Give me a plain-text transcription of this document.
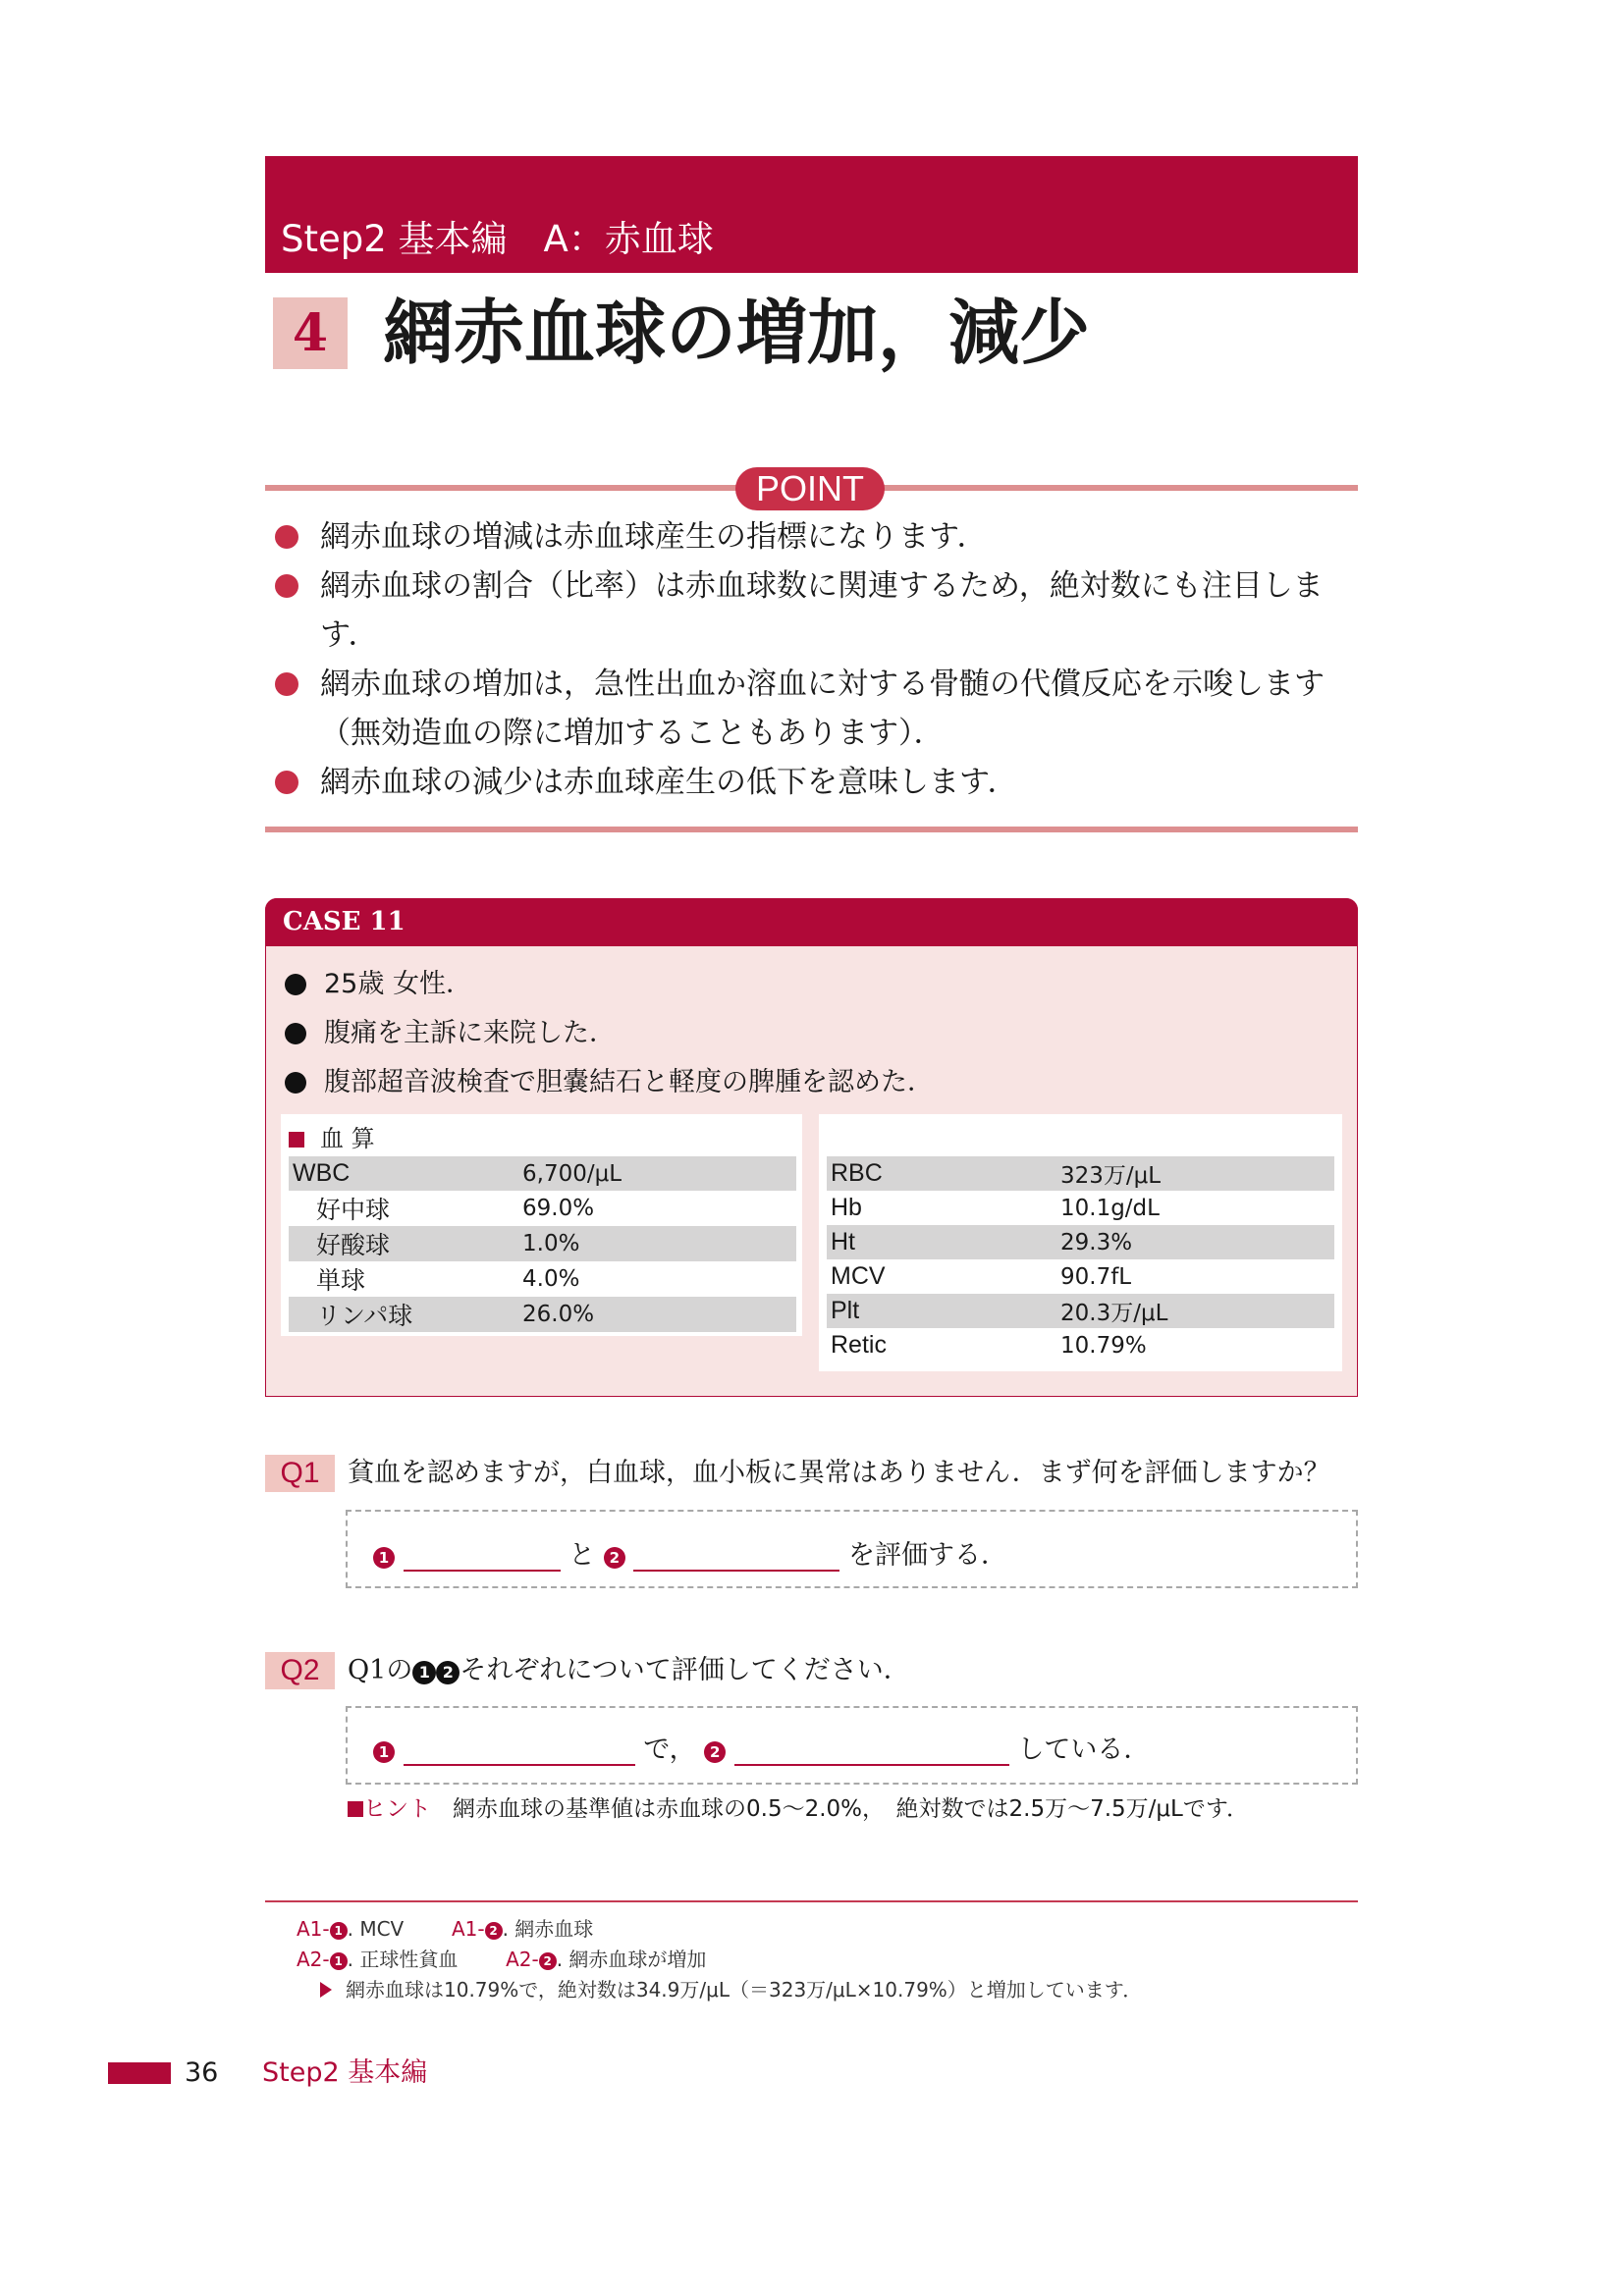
Step2 基本編　A：赤血球
4 網赤血球の増加，減少
POINT
網赤血球の増減は赤血球産生の指標になります．
網赤血球の割合（比率）は赤血球数に関連するため，絶対数にも注目しま
す．
網赤血球の増加は，急性出血か溶血に対する骨髄の代償反応を示唆します
（無効造血の際に増加することもあります）．
網赤血球の減少は赤血球産生の低下を意味します．
CASE 11
25歳 女性．
腹痛を主訴に来院した．
腹部超音波検査で胆嚢結石と軽度の脾腫を認めた．
血 算
WBC	6,700/μL
好中球	69.0%
好酸球	1.0%
単球	4.0%
リンパ球	26.0%
RBC	323万/μL
Hb	10.1g/dL
Ht	29.3%
MCV	90.7fL
Plt	20.3万/μL
Retic	10.79%
Q1	貧血を認めますが，白血球，血小板に異常はありません．まず何を評価しますか？
1	と 2	を評価する．
Q2	Q1の 1 2 それぞれについて評価してください．
1	で， 2	している．
ヒント 網赤血球の基準値は赤血球の0.5～2.0%，　絶対数では2.5万～7.5万/μLです．
A1- 1 . MCV A1- 2 . 網赤血球
A2- 1 . 正球性貧血 A2- 2 . 網赤血球が増加
網赤血球は10.79%で，絶対数は34.9万/μL（＝323万/μL×10.79%）と増加しています．
36 Step2 基本編
